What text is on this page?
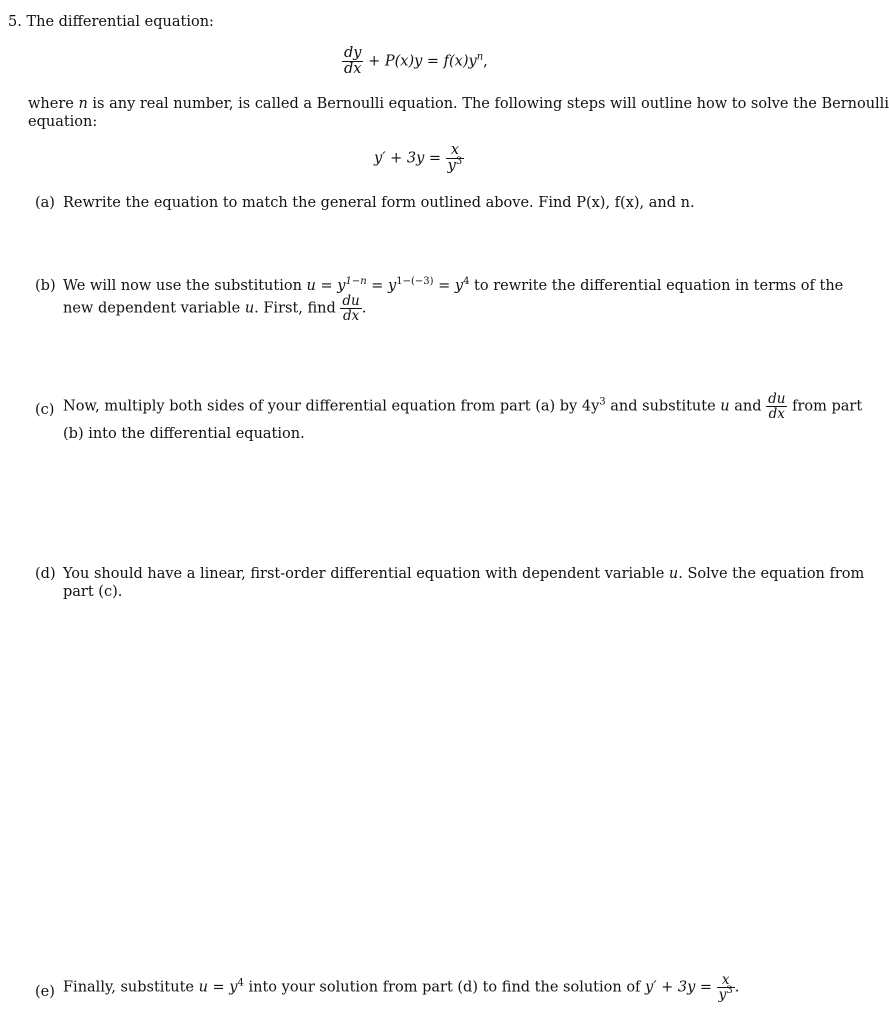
5. The differential equation:
$\frac{dy}{dx} + P(x)y = f(x)y^n$,
where n is any real number, is called a Bernoulli equation. The following steps will outline how to solve the Bernoulli
equation:
$y' + 3y = \frac{x}{y^3}$
(a) Rewrite the equation to match the general form outlined above. Find P(x), f(x), and n.
(b) We will now use the substitution $u = y^{1-n} = y^{1-(-3)} = y^4$ to rewrite the differential equation in terms of the
new dependent variable u. First, find $\frac{du}{dx}$ .
(c) Now, multiply both sides of your differential equation from part (a) by $4y^3$ and substitute u and $\frac{du}{dx}$ from part
(b) into the differential equation.
(d) You should have a linear, first-order differential equation with dependent variable u. Solve the equation from
part (c).
(e) Finally, substitute $u = y^4$ into your solution from part (d) to find the solution of $y' + 3y = \frac{x}{y^3}$ .
